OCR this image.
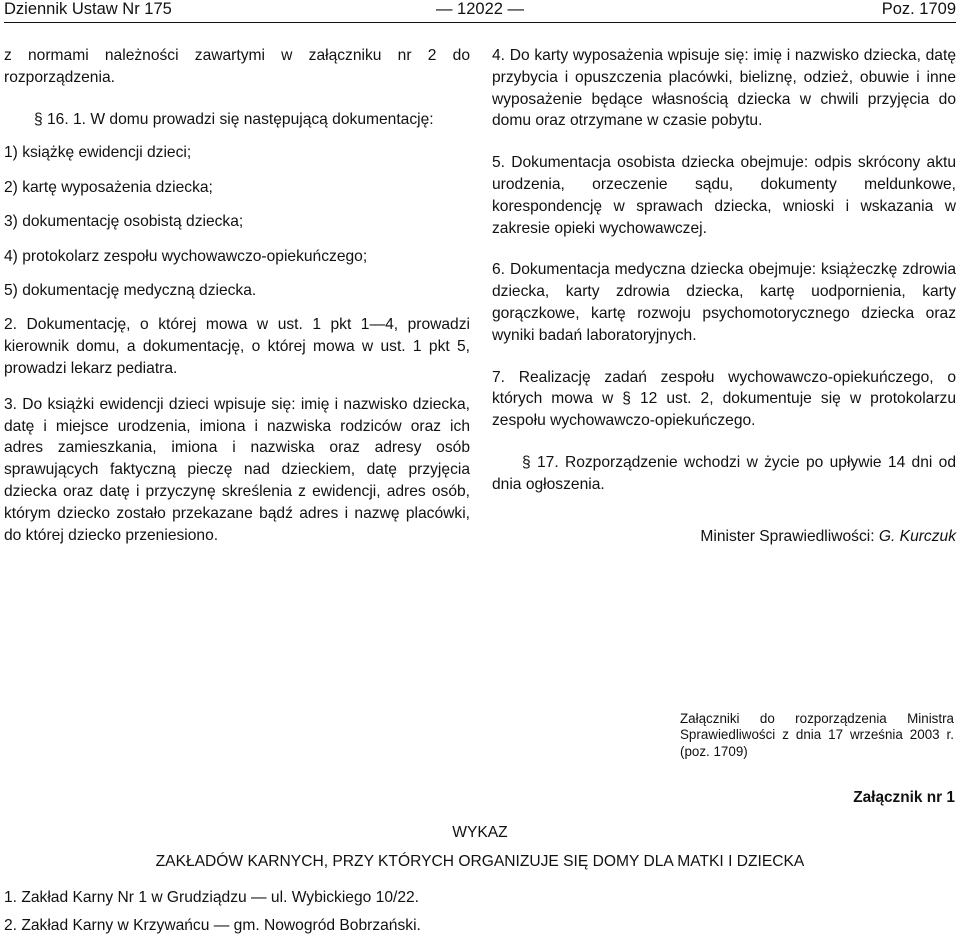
Dziennik Ustaw Nr 175	— 12022 —	Poz. 1709

z normami należności zawartymi w załączniku nr 2 do rozporządzenia.

§ 16. 1. W domu prowadzi się następującą dokumentację:

1) książkę ewidencji dzieci;

2) kartę wyposażenia dziecka;

3) dokumentację osobistą dziecka;

4) protokolarz zespołu wychowawczo-opiekuńczego;

5) dokumentację medyczną dziecka.

2. Dokumentację, o której mowa w ust. 1 pkt 1—4, prowadzi kierownik domu, a dokumentację, o której mowa w ust. 1 pkt 5, prowadzi lekarz pediatra.

3. Do książki ewidencji dzieci wpisuje się: imię i nazwisko dziecka, datę i miejsce urodzenia, imiona i nazwiska rodziców oraz ich adres zamieszkania, imiona i nazwiska oraz adresy osób sprawujących faktyczną pieczę nad dzieckiem, datę przyjęcia dziecka oraz datę i przyczynę skreślenia z ewidencji, adres osób, którym dziecko zostało przekazane bądź adres i nazwę placówki, do której dziecko przeniesiono.

4. Do karty wyposażenia wpisuje się: imię i nazwisko dziecka, datę przybycia i opuszczenia placówki, bieliznę, odzież, obuwie i inne wyposażenie będące własnością dziecka w chwili przyjęcia do domu oraz otrzymane w czasie pobytu.

5. Dokumentacja osobista dziecka obejmuje: odpis skrócony aktu urodzenia, orzeczenie sądu, dokumenty meldunkowe, korespondencję w sprawach dziecka, wnioski i wskazania w zakresie opieki wychowawczej.

6. Dokumentacja medyczna dziecka obejmuje: książeczkę zdrowia dziecka, karty zdrowia dziecka, kartę uodpornienia, karty gorączkowe, kartę rozwoju psychomotorycznego dziecka oraz wyniki badań laboratoryjnych.

7. Realizację zadań zespołu wychowawczo-opiekuńczego, o których mowa w § 12 ust. 2, dokumentuje się w protokolarzu zespołu wychowawczo-opiekuńczego.

§ 17. Rozporządzenie wchodzi w życie po upływie 14 dni od dnia ogłoszenia.

Minister Sprawiedliwości: G. Kurczuk

Załączniki do rozporządzenia Ministra Sprawiedliwości z dnia 17 września 2003 r. (poz. 1709)
Załącznik nr 1
WYKAZ
ZAKŁADÓW KARNYCH, PRZY KTÓRYCH ORGANIZUJE SIĘ DOMY DLA MATKI I DZIECKA

1. Zakład Karny Nr 1 w Grudziądzu — ul. Wybickiego 10/22.

2. Zakład Karny w Krzywańcu — gm. Nowogród Bobrzański.
